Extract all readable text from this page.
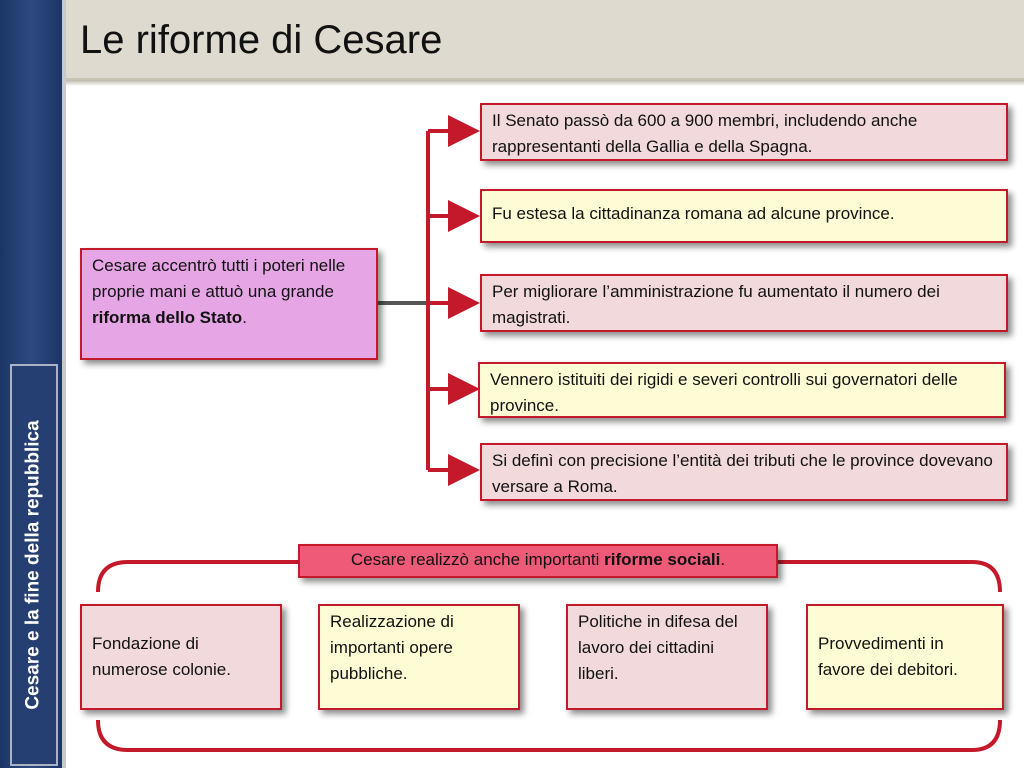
Le riforme di Cesare
Cesare e la fine della repubblica
Cesare accentrò tutti i poteri nelle proprie mani e attuò una grande riforma dello Stato.
Il Senato passò da 600 a 900 membri, includendo anche rappresentanti della Gallia e della Spagna.
Fu estesa la cittadinanza romana ad alcune province.
Per migliorare l’amministrazione fu aumentato il numero dei magistrati.
Vennero istituiti dei rigidi e severi controlli sui governatori delle province.
Si definì con precisione l’entità dei tributi che le province dovevano versare a Roma.
Cesare realizzò anche importanti riforme sociali.
Fondazione di numerose colonie.
Realizzazione di importanti opere pubbliche.
Politiche in difesa del lavoro dei cittadini liberi.
Provvedimenti in favore dei debitori.
